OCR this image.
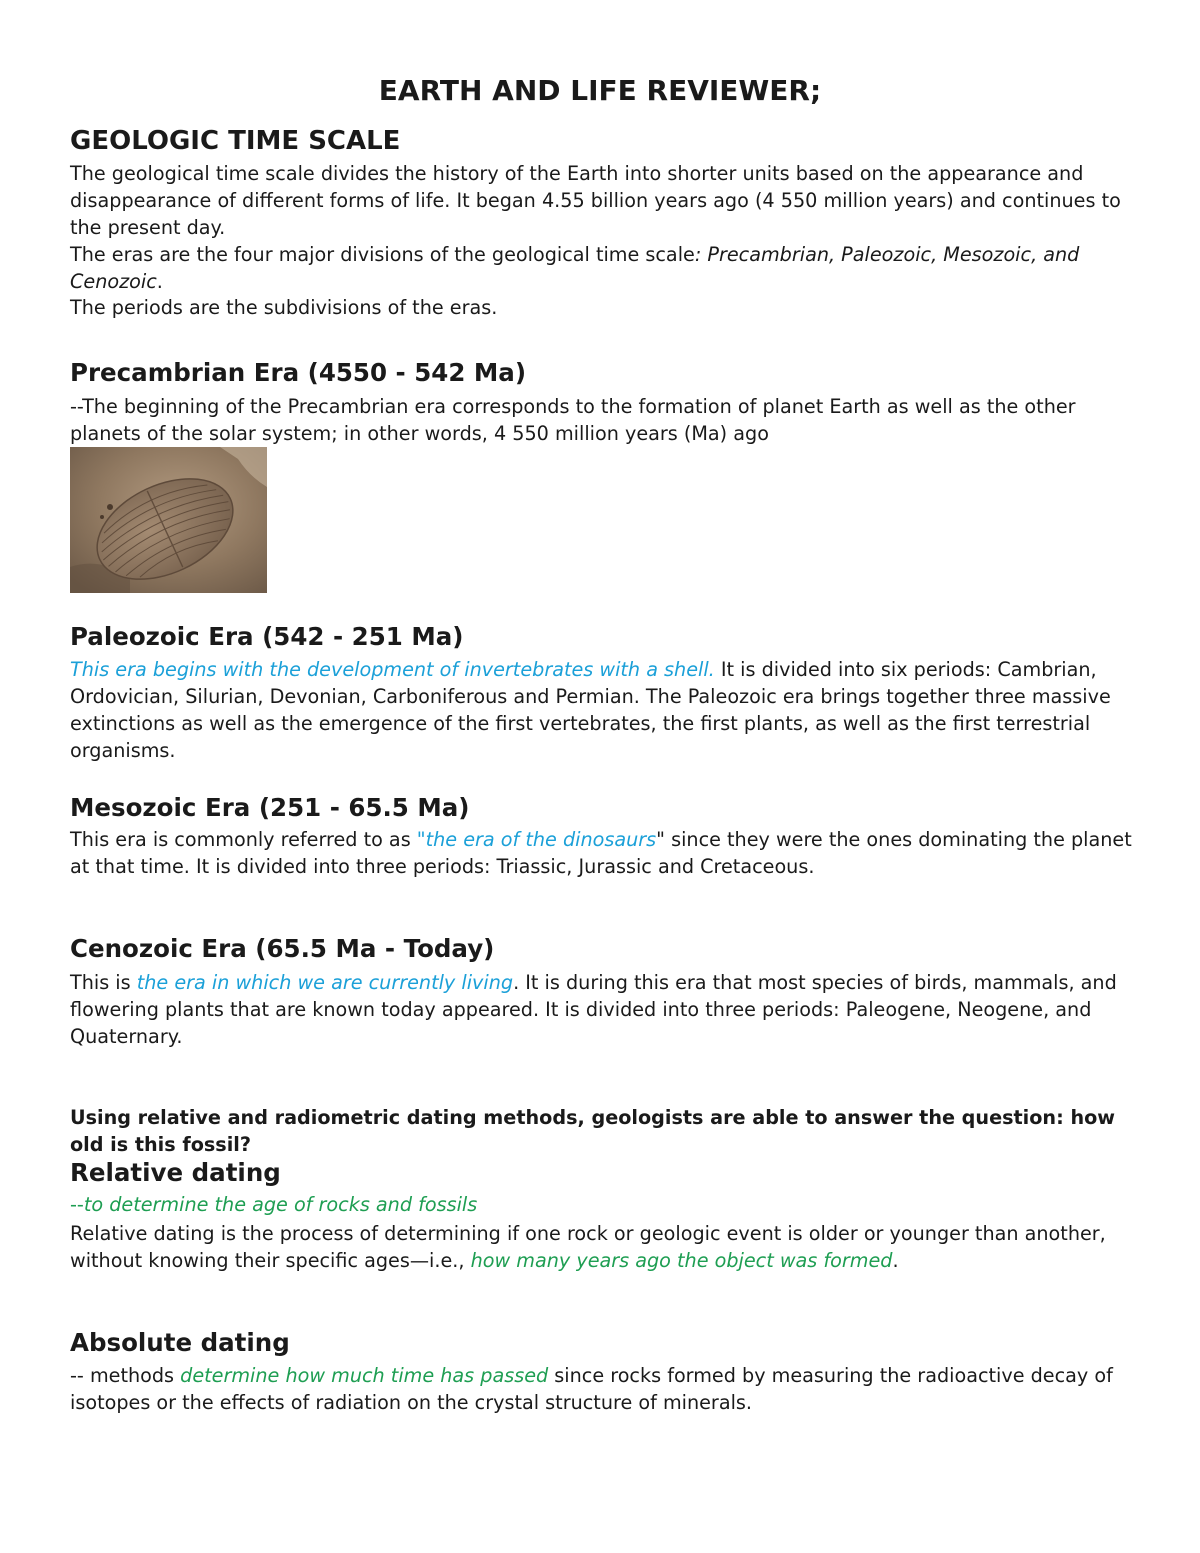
EARTH AND LIFE REVIEWER;
GEOLOGIC TIME SCALE

The geological time scale divides the history of the Earth into shorter units based on the appearance and disappearance of different forms of life. It began 4.55 billion years ago (4 550 million years) and continues to the present day.

The eras are the four major divisions of the geological time scale: Precambrian, Paleozoic, Mesozoic, and Cenozoic.

The periods are the subdivisions of the eras.

Precambrian Era (4550 - 542 Ma)

--The beginning of the Precambrian era corresponds to the formation of planet Earth as well as the other planets of the solar system; in other words, 4 550 million years (Ma) ago

Paleozoic Era (542 - 251 Ma)

This era begins with the development of invertebrates with a shell. It is divided into six periods: Cambrian, Ordovician, Silurian, Devonian, Carboniferous and Permian. The Paleozoic era brings together three massive extinctions as well as the emergence of the first vertebrates, the first plants, as well as the first terrestrial organisms.

Mesozoic Era (251 - 65.5 Ma)

This era is commonly referred to as "the era of the dinosaurs" since they were the ones dominating the planet at that time. It is divided into three periods: Triassic, Jurassic and Cretaceous.

Cenozoic Era (65.5 Ma - Today)

This is the era in which we are currently living. It is during this era that most species of birds, mammals, and flowering plants that are known today appeared. It is divided into three periods: Paleogene, Neogene, and Quaternary.

Using relative and radiometric dating methods, geologists are able to answer the question: how old is this fossil?

Relative dating

--to determine the age of rocks and fossils

Relative dating is the process of determining if one rock or geologic event is older or younger than another, without knowing their specific ages—i.e., how many years ago the object was formed.

Absolute dating

-- methods determine how much time has passed since rocks formed by measuring the radioactive decay of isotopes or the effects of radiation on the crystal structure of minerals.
